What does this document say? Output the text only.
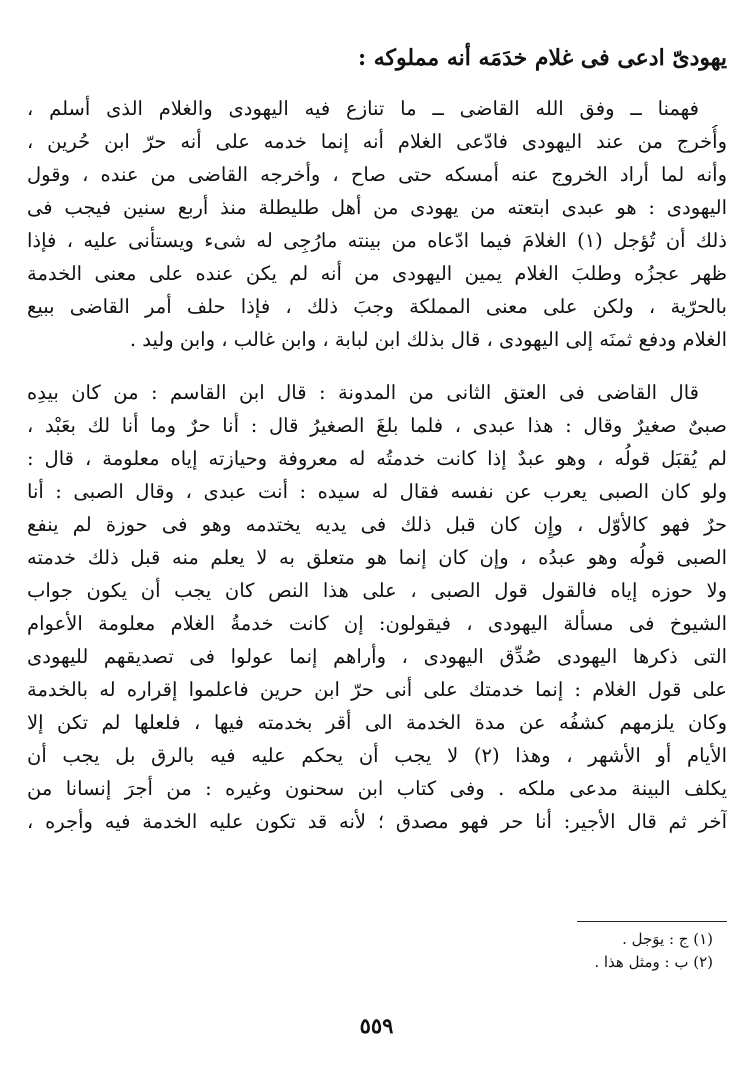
يهودىّ ادعى فى غلام خدَمَه أنه مملوكه :
فهمنا ــ وفق الله القاضى ــ ما تنازع فيه اليهودى والغلام الذى أسلم ،
وأُخرج من عند اليهودى فادّعى الغلام أنه إنما خدمه على أنه حرّ ابن حُرين ،
وأنه لما أراد الخروج عنه أمسكه حتى صاح ، وأخرجه القاضى من عنده ، وقول
اليهودى : هو عبدى ابتعته من يهودى من أهل طليطلة منذ أربع سنين فيجب فى
ذلك أن تُؤجل (١) الغلامَ فيما ادّعاه من بينته مارُجِى له شىء ويستأنى عليه ، فإذا
ظهر عجزُه وطلبَ الغلام يمين اليهودى من أنه لم يكن عنده على معنى الخدمة
بالحرّية ، ولكن على معنى المملكة وجبَ ذلك ، فإذا حلف أمر القاضى ببيع
الغلام ودفع ثمنَه إلى اليهودى ، قال بذلك ابن لبابة ، وابن غالب ، وابن وليد .
قال القاضى فى العتق الثانى من المدونة : قال ابن القاسم : من كان بيدِه
صبىٌ صغيرٌ وقال : هذا عبدى ، فلما بلغَ الصغيرُ قال : أنا حرٌ وما أنا لك بعَبْد ،
لم يُقبَل قولُه ، وهو عبدٌ إذا كانت خدمتُه له معروفة وحيازته إياه معلومة ، قال :
ولو كان الصبى يعرب عن نفسه فقال له سيده : أنت عبدى ، وقال الصبى : أنا
حرٌ فهو كالأوّل ، وإِن كان قبل ذلك فى يديه يختدمه وهو فى حوزة لم ينفع
الصبى قولُه وهو عبدُه ، وإن كان إنما هو متعلق به لا يعلم منه قبل ذلك خدمته
ولا حوزه إياه فالقول قول الصبى ، على هذا النص كان يجب أن يكون جواب
الشيوخ فى مسألة اليهودى ، فيقولون: إن كانت خدمةُ الغلام معلومة الأعوام
التى ذكرها اليهودى صُدِّق اليهودى ، وأراهم إنما عولوا فى تصديقهم لليهودى
على قول الغلام : إنما خدمتك على أنى حرّ ابن حرين فاعلموا إقراره له بالخدمة
وكان يلزمهم كشفُه عن مدة الخدمة الى أقر بخدمته فيها ، فلعلها لم تكن إلا
الأيام أو الأشهر ، وهذا (٢) لا يجب أن يحكم عليه فيه بالرق بل يجب أن
يكلف البينة مدعى ملكه . وفى كتاب ابن سحنون وغيره : من أجرَ إنسانا من
آخر ثم قال الأجير: أنا حر فهو مصدق ؛ لأنه قد تكون عليه الخدمة فيه وأجره ،
(١) ج : يوَجل .
(٢) ب : ومثل هذا .
٥٥٩
